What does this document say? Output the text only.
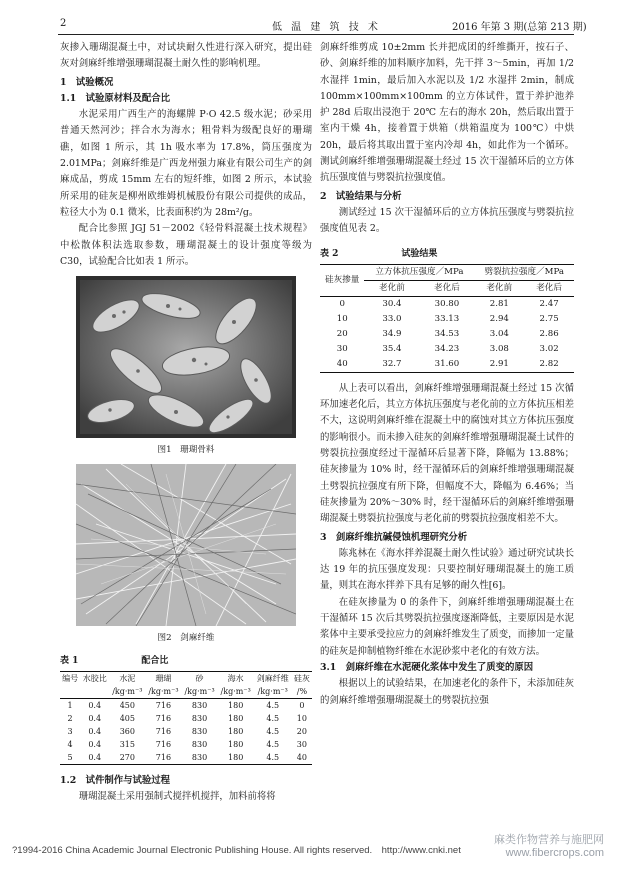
2	低 温 建 筑 技 术	2016 年第 3 期(总第 213 期)

灰掺入珊瑚混凝土中，对试块耐久性进行深入研究，提出硅灰对剑麻纤维增强珊瑚混凝土耐久性的影响机理。

1　试验概况

1.1　试验原材料及配合比

水泥采用广西生产的海螺牌 P·O 42.5 级水泥；砂采用普通天然河沙；拌合水为海水；粗骨料为级配良好的珊瑚礁，如图 1 所示，其 1h 吸水率为 17.8%，筒压强度为 2.01MPa；剑麻纤维是广西龙州强力麻业有限公司生产的剑麻成品，剪成 15mm 左右的短纤维，如图 2 所示，本试验所采用的硅灰是柳州欧维姆机械股份有限公司提供的成品，粒径大小为 0.1 微米，比表面积约为 28m²/g。

配合比参照 JGJ 51－2002《轻骨料混凝土技术规程》中松散体积法选取参数，珊瑚混凝土的设计强度等级为 C30，试验配合比如表 1 所示。

图1　珊瑚骨料

图2　剑麻纤维

表 1　　　　　　　配合比

编号	水胶比	水泥	珊瑚	砂	海水	剑麻纤维	硅灰
		/kg·m⁻³	/kg·m⁻³	/kg·m⁻³	/kg·m⁻³	/kg·m⁻³	/%
1	0.4	450	716	830	180	4.5	0
2	0.4	405	716	830	180	4.5	10
3	0.4	360	716	830	180	4.5	20
4	0.4	315	716	830	180	4.5	30
5	0.4	270	716	830	180	4.5	40

1.2　试件制作与试验过程

珊瑚混凝土采用强制式搅拌机搅拌，加料前将将

剑麻纤维剪成 10±2mm 长并把成团的纤维撕开，按石子、砂、剑麻纤维的加料顺序加料，先干拌 3～5min，再加 1/2 水湿拌 1min，最后加入水泥以及 1/2 水湿拌 2min，制成 100mm×100mm×100mm 的立方体试件，置于养护池养护 28d 后取出浸泡于 20℃ 左右的海水 20h，然后取出置于室内干燥 4h，接着置于烘箱（烘箱温度为 100℃）中烘 20h，最后将其取出置于室内冷却 4h，如此作为一个循环。测试剑麻纤维增强珊瑚混凝土经过 15 次干湿循环后的立方体抗压强度值与劈裂抗拉强度值。

2　试验结果与分析

测试经过 15 次干湿循环后的立方体抗压强度与劈裂抗拉强度值见表 2。

表 2　　　　　　　试验结果

硅灰掺量	立方体抗压强度／MPa		劈裂抗拉强度／MPa	
	老化前	老化后	老化前	老化后
0	30.4	30.80	2.81	2.47
10	33.0	33.13	2.94	2.75
20	34.9	34.53	3.04	2.86
30	35.4	34.23	3.08	3.02
40	32.7	31.60	2.91	2.82

从上表可以看出，剑麻纤维增强珊瑚混凝土经过 15 次循环加速老化后，其立方体抗压强度与老化前的立方体抗压相差不大，这说明剑麻纤维在混凝土中的腐蚀对其立方体抗压强度的影响很小。而未掺入硅灰的剑麻纤维增强珊瑚混凝土试件的劈裂抗拉强度经过干湿循环后显著下降，降幅为 13.88%；硅灰掺量为 10% 时，经干湿循环后的剑麻纤维增强珊瑚混凝土劈裂抗拉强度有所下降，但幅度不大，降幅为 6.46%；当硅灰掺量为 20%～30% 时，经干湿循环后的剑麻纤维增强珊瑚混凝土劈裂抗拉强度与老化前的劈裂抗拉强度相差不大。

3　剑麻纤维抗碱侵蚀机理研究分析

陈兆林在《海水拌养混凝土耐久性试验》通过研究试块长达 19 年的抗压强度发现：只要控制好珊瑚混凝土的施工质量，则其在海水拌养下具有足够的耐久性[6]。

在硅灰掺量为 0 的条件下，剑麻纤维增强珊瑚混凝土在干湿循环 15 次后其劈裂抗拉强度逐渐降低，主要原因是水泥浆体中主要承受拉应力的剑麻纤维发生了质变，而掺加一定量的硅灰是抑制植物纤维在水泥砂浆中老化的有效方法。

3.1　剑麻纤维在水泥硬化浆体中发生了质变的原因

根据以上的试验结果，在加速老化的条件下，未添加硅灰的剑麻纤维增强珊瑚混凝土的劈裂抗拉强

?1994-2016 China Academic Journal Electronic Publishing House. All rights reserved.　http://www.cnki.net
麻类作物营养与施肥网
www.fibercrops.com
